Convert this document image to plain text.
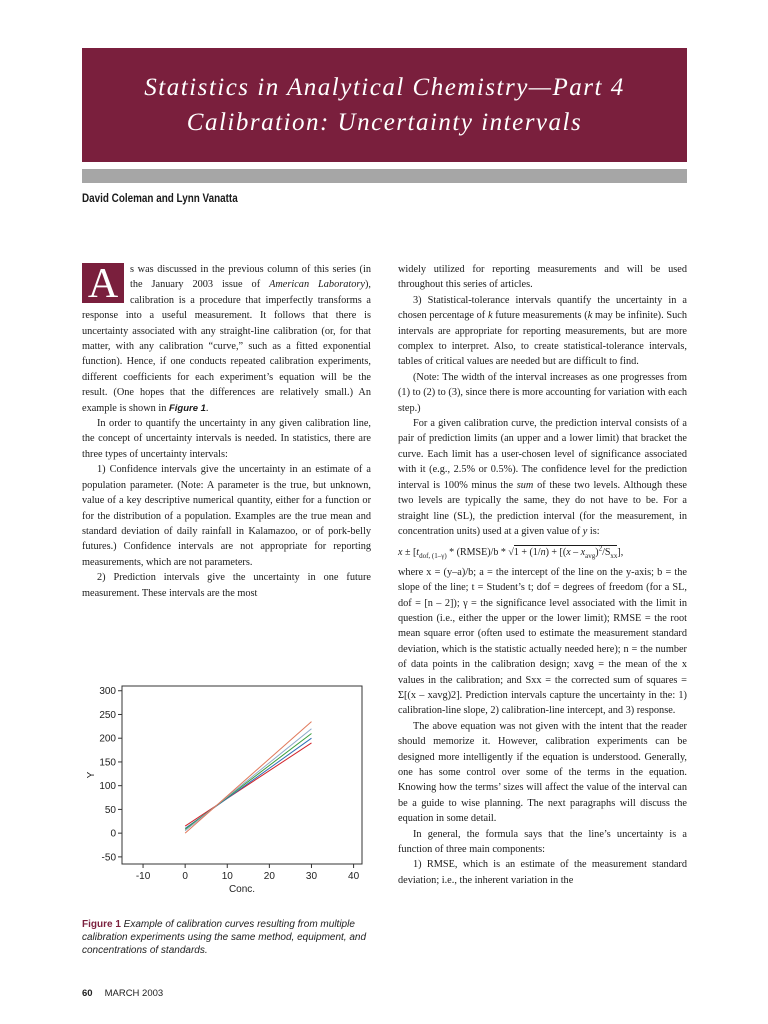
Statistics in Analytical Chemistry—Part 4
Calibration: Uncertainty intervals
David Coleman and Lynn Vanatta

A	s was discussed in the previous column of this series (in the January 2003 issue of American Laboratory), calibration is a procedure that imperfectly transforms a response into a useful measurement. It follows that there is uncertainty associated with any straight-line calibration (or, for that matter, with any calibration “curve,” such as a fitted exponential function). Hence, if one conducts repeated calibration experiments, different coefficients for each experiment’s equation will be the result. (One hopes that the differences are relatively small.) An example is shown in Figure 1.

In order to quantify the uncertainty in any given calibration line, the concept of uncertainty intervals is needed. In statistics, there are three types of uncertainty intervals:

1) Confidence intervals give the uncertainty in an estimate of a population parameter. (Note: A parameter is the true, but unknown, value of a key descriptive numerical quantity, either for a function or for the distribution of a population. Examples are the true mean and standard deviation of daily rainfall in Kalamazoo, or of pork-belly futures.) Confidence intervals are not appropriate for reporting measurements, which are not parameters.

2) Prediction intervals give the uncertainty in one future measurement. These intervals are the most

widely utilized for reporting measurements and will be used throughout this series of articles.

3) Statistical-tolerance intervals quantify the uncertainty in a chosen percentage of k future measurements (k may be infinite). Such intervals are appropriate for reporting measurements, but are more complex to interpret. Also, to create statistical-tolerance intervals, tables of critical values are needed but are difficult to find.

(Note: The width of the interval increases as one progresses from (1) to (2) to (3), since there is more accounting for variation with each step.)

For a given calibration curve, the prediction interval consists of a pair of prediction limits (an upper and a lower limit) that bracket the curve. Each limit has a user-chosen level of significance associated with it (e.g., 2.5% or 0.5%). The confidence level for the prediction interval is 100% minus the sum of these two levels. Although these two levels are typically the same, they do not have to be. For a straight line (SL), the prediction interval (for the measurement, in concentration units) used at a given value of y is:

$x \pm [t_{dof, (1-\gamma)}$ * (RMSE)/b * $√1 + (1/n) + [(x - x_{avg})^2/S_{xx}]$,

where x = (y–a)/b; a = the intercept of the line on the y-axis; b = the slope of the line; t = Student’s t; dof = degrees of freedom (for a SL, dof = [n – 2]); γ = the significance level associated with the limit in question (i.e., either the upper or the lower limit); RMSE = the root mean square error (often used to estimate the measurement standard deviation, which is the statistic actually needed here); n = the number of data points in the calibration design; xavg = the mean of the x values in the calibration; and Sxx = the corrected sum of squares = Σ[(x – xavg)2]. Prediction intervals capture the uncertainty in the: 1) calibration-line slope, 2) calibration-line intercept, and 3) response.

The above equation was not given with the intent that the reader should memorize it. However, calibration experiments can be designed more intelligently if the equation is understood. Generally, one has some control over some of the terms in the equation. Knowing how the terms’ sizes will affect the value of the interval can be a guide to wise planning. The next paragraphs will discuss the equation in some detail.

In general, the formula says that the line’s uncertainty is a function of three main components:

1) RMSE, which is an estimate of the measurement standard deviation; i.e., the inherent variation in the

-50
0
50
100
150
200
250
300
-10	0	10	20	30	40
Conc.
Y
Figure 1 Example of calibration curves resulting from multiple calibration experiments using the same method, equipment, and concentrations of standards.
60 MARCH 2003
